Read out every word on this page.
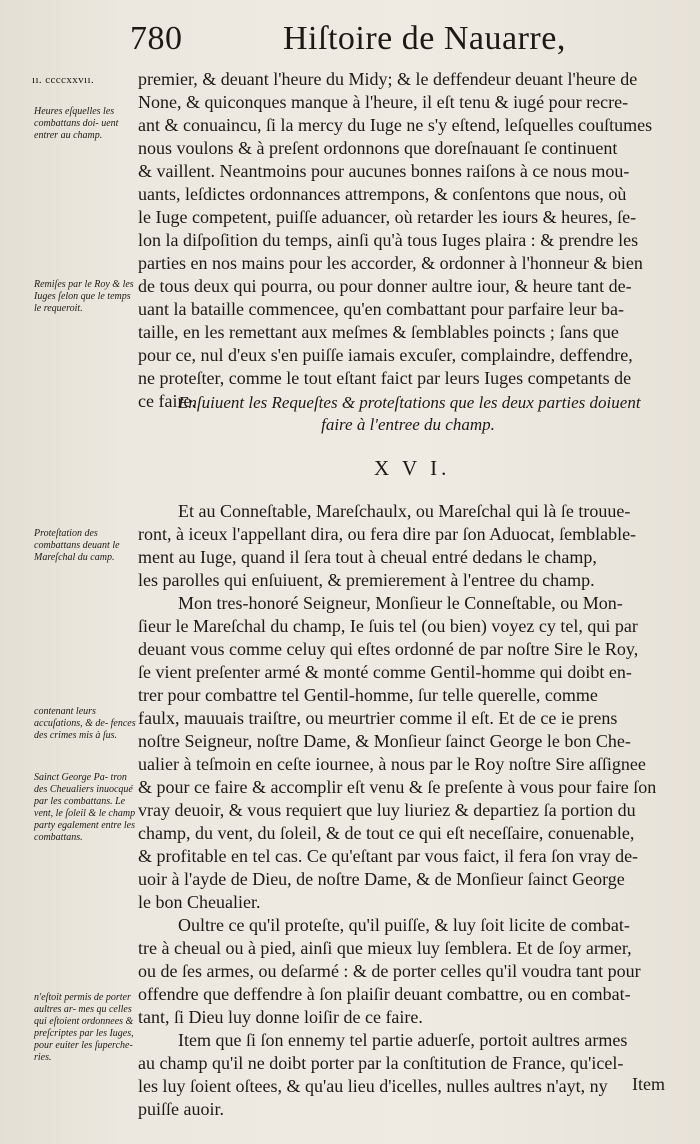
780	Hiſtoire de Nauarre,
ıı. ccccxxvıı.
Heures eſquelles les combattans doi- uent entrer au champ.
Remiſes par le Roy & les Iuges ſelon que le temps le requeroit.
Proteſtation des combattans deuant le Mareſchal du camp.
contenant leurs accuſations, & de- fences des crimes mis à ſus.
Sainct George Pa- tron des Cheualiers inuocqué par les combattans. Le vent, le ſoleil & le champ party egalement entre les combattans.
n'eſtoit permis de porter aultres ar- mes qu celles qui eſtoient ordonnees & preſcriptes par les Iuges, pour euiter les ſuperche- ries.
premier, & deuant l'heure du Midy; & le deffendeur deuant l'heure de
None, & quiconques manque à l'heure, il eſt tenu & iugé pour recre-
ant & conuaincu, ſi la mercy du Iuge ne s'y eſtend, leſquelles couſtumes
nous voulons & à preſent ordonnons que doreſnauant ſe continuent
& vaillent. Neantmoins pour aucunes bonnes raiſons à ce nous mou-
uants, leſdictes ordonnances attrempons, & conſentons que nous, où
le Iuge competent, puiſſe aduancer, où retarder les iours & heures, ſe-
lon la diſpoſition du temps, ainſi qu'à tous Iuges plaira : & prendre les
parties en nos mains pour les accorder, & ordonner à l'honneur & bien
de tous deux qui pourra, ou pour donner aultre iour, & heure tant de-
uant la bataille commencee, qu'en combattant pour parfaire leur ba-
taille, en les remettant aux meſmes & ſemblables poincts ; ſans que
pour ce, nul d'eux s'en puiſſe iamais excuſer, complaindre, deffendre,
ne proteſter, comme le tout eſtant faict par leurs Iuges competants de
ce faire.
Enſuiuent les Requeſtes & proteſtations que les deux parties doiuent
faire à l'entree du champ.
X V I.
Et au Conneſtable, Mareſchaulx, ou Mareſchal qui là ſe trouue-
ront, à iceux l'appellant dira, ou fera dire par ſon Aduocat, ſemblable-
ment au Iuge, quand il ſera tout à cheual entré dedans le champ,
les parolles qui enſuiuent, & premierement à l'entree du champ.
Mon tres-honoré Seigneur, Monſieur le Conneſtable, ou Mon-
ſieur le Mareſchal du champ, Ie ſuis tel (ou bien) voyez cy tel, qui par
deuant vous comme celuy qui eſtes ordonné de par noſtre Sire le Roy,
ſe vient preſenter armé & monté comme Gentil-homme qui doibt en-
trer pour combattre tel Gentil-homme, ſur telle querelle, comme
faulx, mauuais traiſtre, ou meurtrier comme il eſt. Et de ce ie prens
noſtre Seigneur, noſtre Dame, & Monſieur ſainct George le bon Che-
ualier à teſmoin en ceſte iournee, à nous par le Roy noſtre Sire aſſignee
& pour ce faire & accomplir eſt venu & ſe preſente à vous pour faire ſon
vray deuoir, & vous requiert que luy liuriez & departiez ſa portion du
champ, du vent, du ſoleil, & de tout ce qui eſt neceſſaire, conuenable,
& profitable en tel cas. Ce qu'eſtant par vous faict, il fera ſon vray de-
uoir à l'ayde de Dieu, de noſtre Dame, & de Monſieur ſainct George
le bon Cheualier.
Oultre ce qu'il proteſte, qu'il puiſſe, & luy ſoit licite de combat-
tre à cheual ou à pied, ainſi que mieux luy ſemblera. Et de ſoy armer,
ou de ſes armes, ou deſarmé : & de porter celles qu'il voudra tant pour
offendre que deffendre à ſon plaiſir deuant combattre, ou en combat-
tant, ſi Dieu luy donne loiſir de ce faire.
Item que ſi ſon ennemy tel partie aduerſe, portoit aultres armes
au champ qu'il ne doibt porter par la conſtitution de France, qu'icel-
les luy ſoient oſtees, & qu'au lieu d'icelles, nulles aultres n'ayt, ny
puiſſe auoir.
Item
